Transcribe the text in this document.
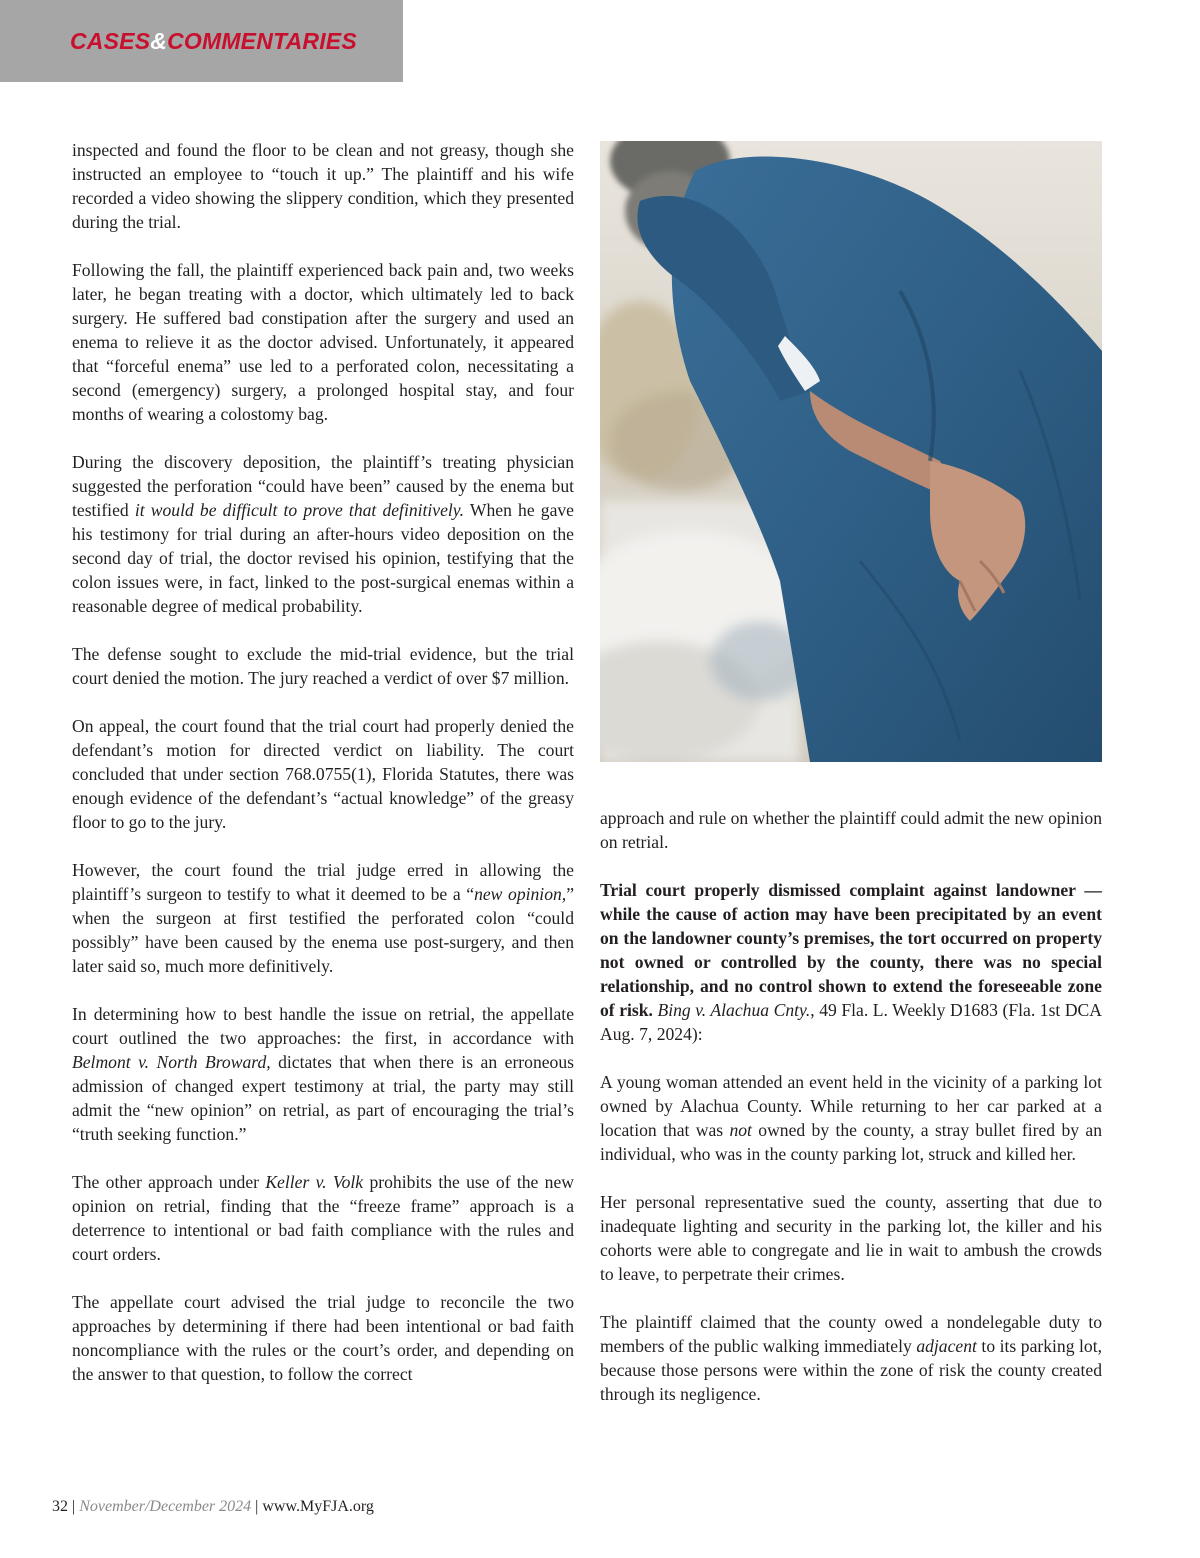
CASES&COMMENTARIES

inspected and found the floor to be clean and not greasy, though she instructed an employee to “touch it up.” The plaintiff and his wife recorded a video showing the slippery condition, which they presented during the trial.

Following the fall, the plaintiff experienced back pain and, two weeks later, he began treating with a doctor, which ultimately led to back surgery. He suffered bad constipation after the surgery and used an enema to relieve it as the doctor advised. Unfortunately, it appeared that “forceful enema” use led to a perforated colon, necessitating a second (emergency) surgery, a prolonged hospital stay, and four months of wearing a colostomy bag.

During the discovery deposition, the plaintiff’s treating physician suggested the perforation “could have been” caused by the enema but testified it would be difficult to prove that definitively. When he gave his testimony for trial during an after-hours video deposition on the second day of trial, the doctor revised his opinion, testifying that the colon issues were, in fact, linked to the post-surgical enemas within a reasonable degree of medical probability.

The defense sought to exclude the mid-trial evidence, but the trial court denied the motion. The jury reached a verdict of over $7 million.

On appeal, the court found that the trial court had properly denied the defendant’s motion for directed verdict on liability. The court concluded that under section 768.0755(1), Florida Statutes, there was enough evidence of the defendant’s “actual knowledge” of the greasy floor to go to the jury.

However, the court found the trial judge erred in allowing the plaintiff’s surgeon to testify to what it deemed to be a “new opinion,” when the surgeon at first testified the perforated colon “could possibly” have been caused by the enema use post-surgery, and then later said so, much more definitively.

In determining how to best handle the issue on retrial, the appellate court outlined the two approaches: the first, in accordance with Belmont v. North Broward, dictates that when there is an erroneous admission of changed expert testimony at trial, the party may still admit the “new opinion” on retrial, as part of encouraging the trial’s “truth seeking function.”

The other approach under Keller v. Volk prohibits the use of the new opinion on retrial, finding that the “freeze frame” approach is a deterrence to intentional or bad faith compliance with the rules and court orders.

The appellate court advised the trial judge to reconcile the two approaches by determining if there had been intentional or bad faith noncompliance with the rules or the court’s order, and depending on the answer to that question, to follow the correct

approach and rule on whether the plaintiff could admit the new opinion on retrial.

Trial court properly dismissed complaint against landowner — while the cause of action may have been precipitated by an event on the landowner county’s premises, the tort occurred on property not owned or controlled by the county, there was no special relationship, and no control shown to extend the foreseeable zone of risk. Bing v. Alachua Cnty., 49 Fla. L. Weekly D1683 (Fla. 1st DCA Aug. 7, 2024):

A young woman attended an event held in the vicinity of a parking lot owned by Alachua County. While returning to her car parked at a location that was not owned by the county, a stray bullet fired by an individual, who was in the county parking lot, struck and killed her.

Her personal representative sued the county, asserting that due to inadequate lighting and security in the parking lot, the killer and his cohorts were able to congregate and lie in wait to ambush the crowds to leave, to perpetrate their crimes.

The plaintiff claimed that the county owed a nondelegable duty to members of the public walking immediately adjacent to its parking lot, because those persons were within the zone of risk the county created through its negligence.

32 | November/December 2024 | www.MyFJA.org
